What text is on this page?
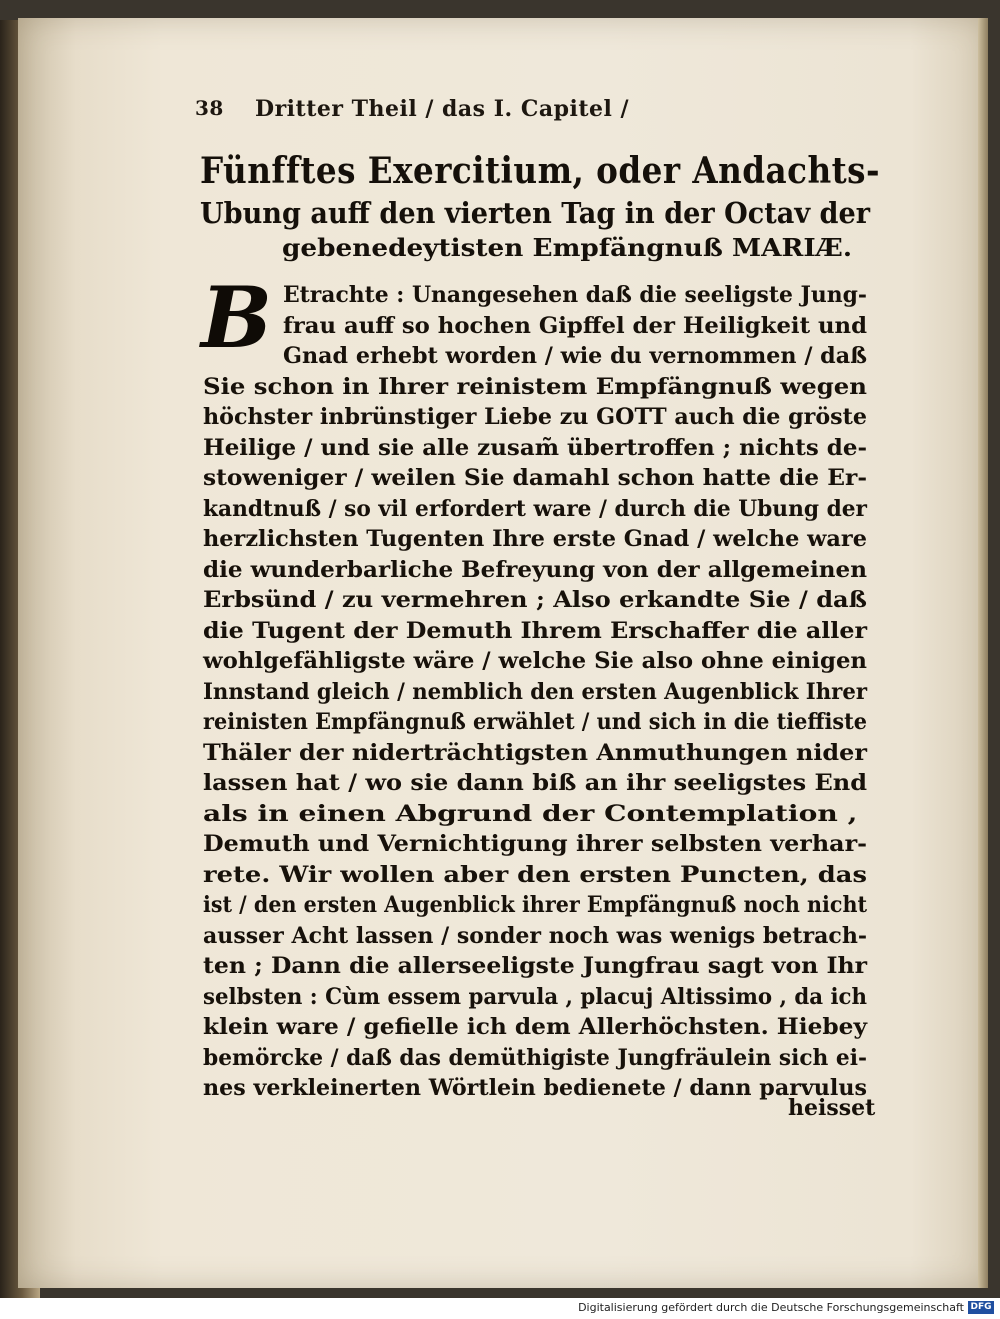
38 Dritter Theil / das I. Capitel /
Fünfftes Exercitium, oder Andachts-
Ubung auff den vierten Tag in der Octav der
gebenedeytisten Empfängnuß MARIÆ.
B Etrachte : Unangesehen daß die seeligste Jung-
frau auff so hochen Gipffel der Heiligkeit und
Gnad erhebt worden / wie du vernommen / daß
Sie schon in Ihrer reinistem Empfängnuß wegen
höchster inbrünstiger Liebe zu GOTT auch die gröste
Heilige / und sie alle zusam̃ übertroffen ; nichts de-
stoweniger / weilen Sie damahl schon hatte die Er-
kandtnuß / so vil erfordert ware / durch die Ubung der
herzlichsten Tugenten Ihre erste Gnad / welche ware
die wunderbarliche Befreyung von der allgemeinen
Erbsünd / zu vermehren ; Also erkandte Sie / daß
die Tugent der Demuth Ihrem Erschaffer die aller
wohlgefähligste wäre / welche Sie also ohne einigen
Innstand gleich / nemblich den ersten Augenblick Ihrer
reinisten Empfängnuß erwählet / und sich in die tieffiste
Thäler der niderträchtigsten Anmuthungen nider
lassen hat / wo sie dann biß an ihr seeligstes End
als in einen Abgrund der Contemplation ,
Demuth und Vernichtigung ihrer selbsten verhar-
rete. Wir wollen aber den ersten Puncten, das
ist / den ersten Augenblick ihrer Empfängnuß noch nicht
ausser Acht lassen / sonder noch was wenigs betrach-
ten ; Dann die allerseeligste Jungfrau sagt von Ihr
selbsten : Cùm essem parvula , placuj Altissimo , da ich
klein ware / gefielle ich dem Allerhöchsten. Hiebey
bemörcke / daß das demüthigiste Jungfräulein sich ei-
nes verkleinerten Wörtlein bedienete / dann parvulus
heisset
Digitalisierung gefördert durch die Deutsche Forschungsgemeinschaft DFG
